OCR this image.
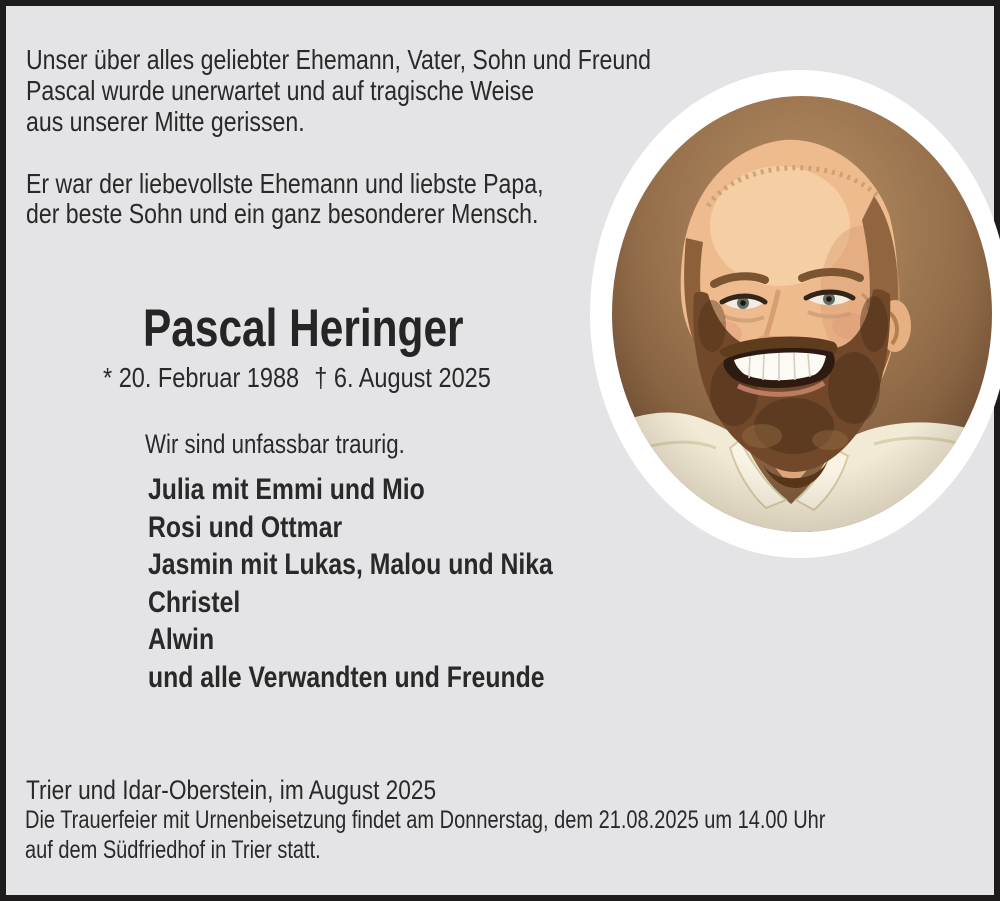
Unser über alles geliebter Ehemann, Vater, Sohn und Freund
Pascal wurde unerwartet und auf tragische Weise
aus unserer Mitte gerissen.
Er war der liebevollste Ehemann und liebste Papa,
der beste Sohn und ein ganz besonderer Mensch.
Pascal Heringer
* 20. Februar 1988 † 6. August 2025
Wir sind unfassbar traurig.
Julia mit Emmi und Mio
Rosi und Ottmar
Jasmin mit Lukas, Malou und Nika
Christel
Alwin
und alle Verwandten und Freunde
Trier und Idar-Oberstein, im August 2025
Die Trauerfeier mit Urnenbeisetzung findet am Donnerstag, dem 21.08.2025 um 14.00 Uhr
auf dem Südfriedhof in Trier statt.
